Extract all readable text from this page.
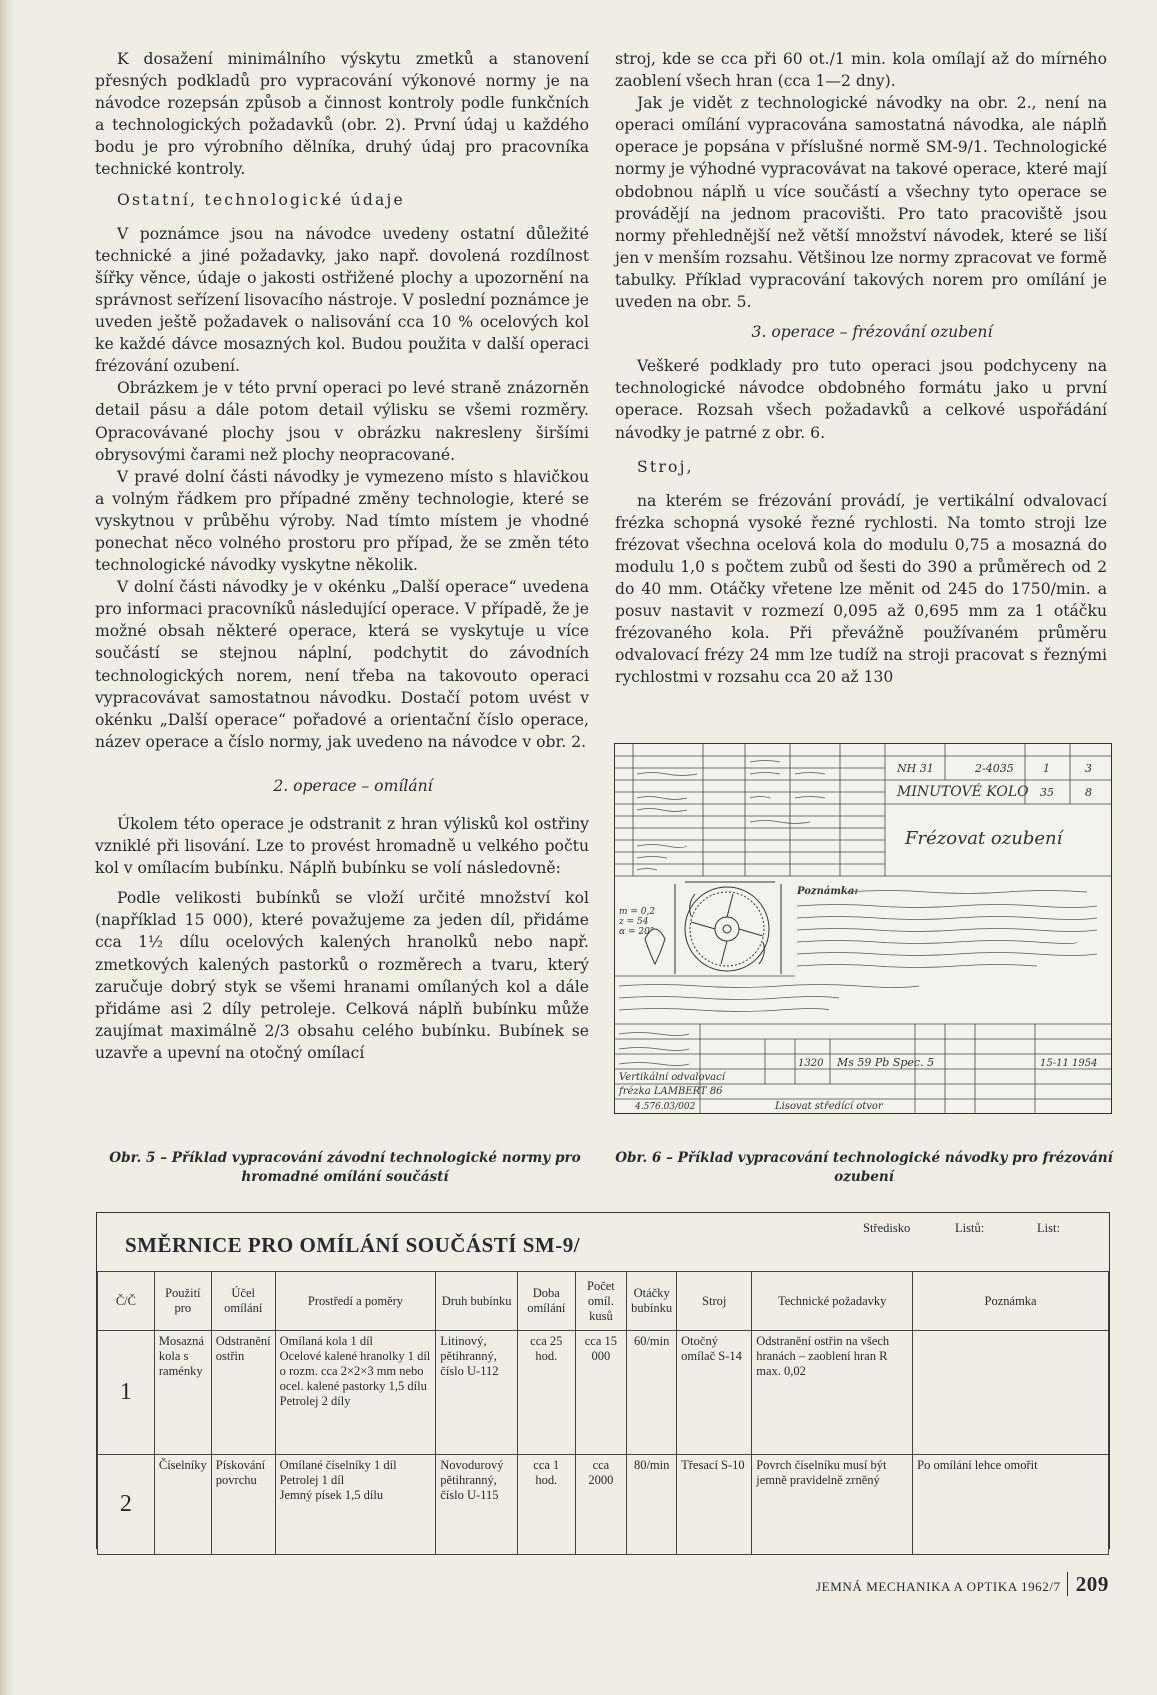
K dosažení minimálního výskytu zmetků a stanovení přesných podkladů pro vypracování výkonové normy je na návodce rozepsán způsob a činnost kontroly podle funkčních a technologických požadavků (obr. 2). První údaj u každého bodu je pro výrobního dělníka, druhý údaj pro pracovníka technické kontroly.

Ostatní, technologické údaje

V poznámce jsou na návodce uvedeny ostatní důležité technické a jiné požadavky, jako např. dovolená rozdílnost šířky věnce, údaje o jakosti ostřižené plochy a upozornění na správnost seřízení lisovacího nástroje. V poslední poznámce je uveden ještě požadavek o nalisování cca 10 % ocelových kol ke každé dávce mosazných kol. Budou použita v další operaci frézování ozubení.

Obrázkem je v této první operaci po levé straně znázorněn detail pásu a dále potom detail výlisku se všemi rozměry. Opracovávané plochy jsou v obrázku nakresleny širšími obrysovými čarami než plochy neopracované.

V pravé dolní části návodky je vymezeno místo s hlavičkou a volným řádkem pro případné změny technologie, které se vyskytnou v průběhu výroby. Nad tímto místem je vhodné ponechat něco volného prostoru pro případ, že se změn této technologické návodky vyskytne několik.

V dolní části návodky je v okénku „Další operace“ uvedena pro informaci pracovníků následující operace. V případě, že je možné obsah některé operace, která se vyskytuje u více součástí se stejnou náplní, podchytit do závodních technologických norem, není třeba na takovouto operaci vypracovávat samostatnou návodku. Dostačí potom uvést v okénku „Další operace“ pořadové a orientační číslo operace, název operace a číslo normy, jak uvedeno na návodce v obr. 2.

2. operace – omílání

Úkolem této operace je odstranit z hran výlisků kol ostřiny vzniklé při lisování. Lze to provést hromadně u velkého počtu kol v omílacím bubínku. Náplň bubínku se volí následovně:

Podle velikosti bubínků se vloží určité množství kol (například 15 000), které považujeme za jeden díl, přidáme cca 1½ dílu ocelových kalených hranolků nebo např. zmetkových kalených pastorků o rozměrech a tvaru, který zaručuje dobrý styk se všemi hranami omílaných kol a dále přidáme asi 2 díly petroleje. Celková náplň bubínku může zaujímat maximálně 2/3 obsahu celého bubínku. Bubínek se uzavře a upevní na otočný omílací

stroj, kde se cca při 60 ot./1 min. kola omílají až do mírného zaoblení všech hran (cca 1—2 dny).

Jak je vidět z technologické návodky na obr. 2., není na operaci omílání vypracována samostatná návodka, ale náplň operace je popsána v příslušné normě SM-9/1. Technologické normy je výhodné vypracovávat na takové operace, které mají obdobnou náplň u více součástí a všechny tyto operace se provádějí na jednom pracovišti. Pro tato pracoviště jsou normy přehlednější než větší množství návodek, které se liší jen v menším rozsahu. Většinou lze normy zpracovat ve formě tabulky. Příklad vypracování takových norem pro omílání je uveden na obr. 5.

3. operace – frézování ozubení

Veškeré podklady pro tuto operaci jsou podchyceny na technologické návodce obdobného formátu jako u první operace. Rozsah všech požadavků a celkové uspořádání návodky je patrné z obr. 6.

Stroj,

na kterém se frézování provádí, je vertikální odvalovací frézka schopná vysoké řezné rychlosti. Na tomto stroji lze frézovat všechna ocelová kola do modulu 0,75 a mosazná do modulu 1,0 s počtem zubů od šesti do 390 a průměrech od 2 do 40 mm. Otáčky vřetene lze měnit od 245 do 1750/min. a posuv nastavit v rozmezí 0,095 až 0,695 mm za 1 otáčku frézovaného kola. Při převážně používaném průměru odvalovací frézy 24 mm lze tudíž na stroji pracovat s řeznými rychlostmi v rozsahu cca 20 až 130

NH 31	2-4035	1	3
MINUTOVÉ KOLO 35	8
Frézovat ozubení
m = 0,2
z = 54
α = 20°
Poznámka:
Vertikální odvalovací
frézka LAMBERT 86
4.576.03/002	Lisovat středící otvor
Ms 59 Pb Spec. 5
1320	15-11 1954
Obr. 5 – Příklad vypracování závodní technologické normy pro hromadné omílání součástí
Obr. 6 – Příklad vypracování technologické návodky pro frézování ozubení
SMĚRNICE PRO OMÍLÁNÍ SOUČÁSTÍ SM-9/
Středisko	Listů:	List:
Č/Č	Použití pro	Účel omílání	Prostředí a poměry	Druh bubínku	Doba omílání	Počet omíl. kusů	Otáčky bubínku	Stroj	Technické požadavky	Poznámka
1	Mosazná kola s raménky	Odstranění ostřin	Omílaná kola 1 díl
Ocelové kalené hranolky 1 díl
o rozm. cca 2×2×3 mm nebo ocel. kalené pastorky 1,5 dílu
Petrolej 2 díly	Litinový, pětihranný, číslo U-112	cca 25 hod.	cca 15 000	60/min	Otočný omílač S-14	Odstranění ostřin na všech hranách – zaoblení hran R max. 0,02	
2	Číselníky	Pískování povrchu	Omílané číselníky 1 díl
Petrolej 1 díl
Jemný písek 1,5 dílu	Novodurový pětihranný, číslo U-115	cca 1 hod.	cca 2000	80/min	Třesací S-10	Povrch číselníku musí být jemně pravidelně zrněný	Po omílání lehce omořit
JEMNÁ MECHANIKA A OPTIKA 1962/7 209
